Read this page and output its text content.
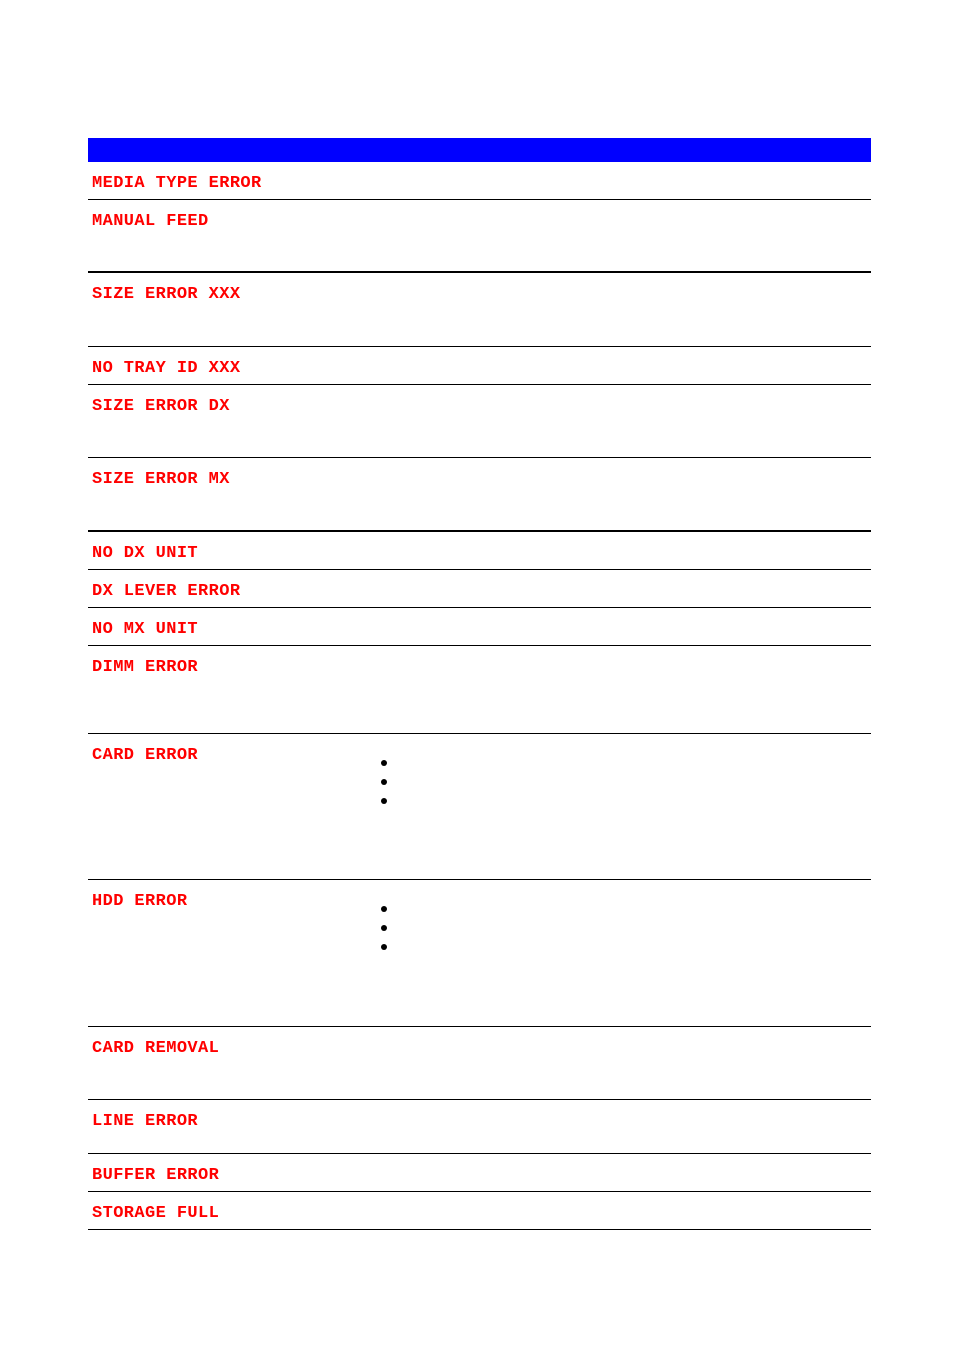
MEDIA TYPE ERROR
MANUAL FEED
SIZE ERROR XXX
NO TRAY ID XXX
SIZE ERROR DX
SIZE ERROR MX
NO DX UNIT
DX LEVER ERROR
NO MX UNIT
DIMM ERROR
CARD ERROR
HDD ERROR
CARD REMOVAL
LINE ERROR
BUFFER ERROR
STORAGE FULL
